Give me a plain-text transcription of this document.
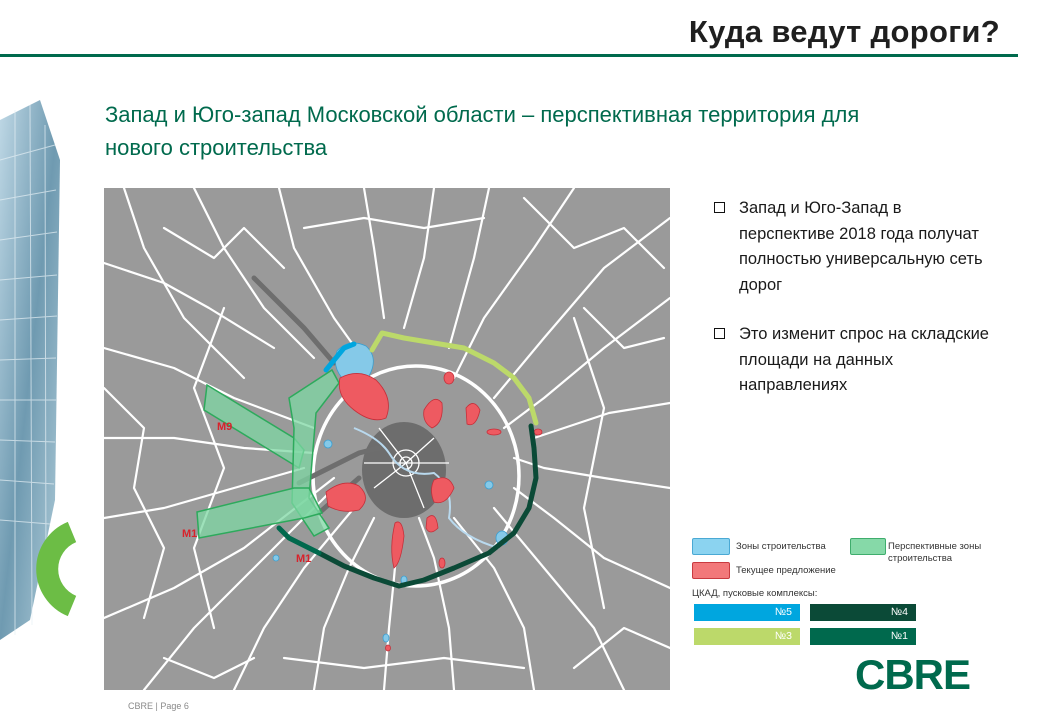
Куда ведут дороги?
Запад и Юго-запад Московской области – перспективная территория для нового строительства
M9
M1
M1
Запад и Юго-Запад в перспективе 2018 года получат полностью универсальную сеть дорог
Это изменит спрос на складские площади на данных направлениях
Зоны строительства
Текущее предложение
Перспективные зоны строительства
ЦКАД, пусковые комплексы:
№5	№4
№3	№1
CBRE
CBRE | Page 6
